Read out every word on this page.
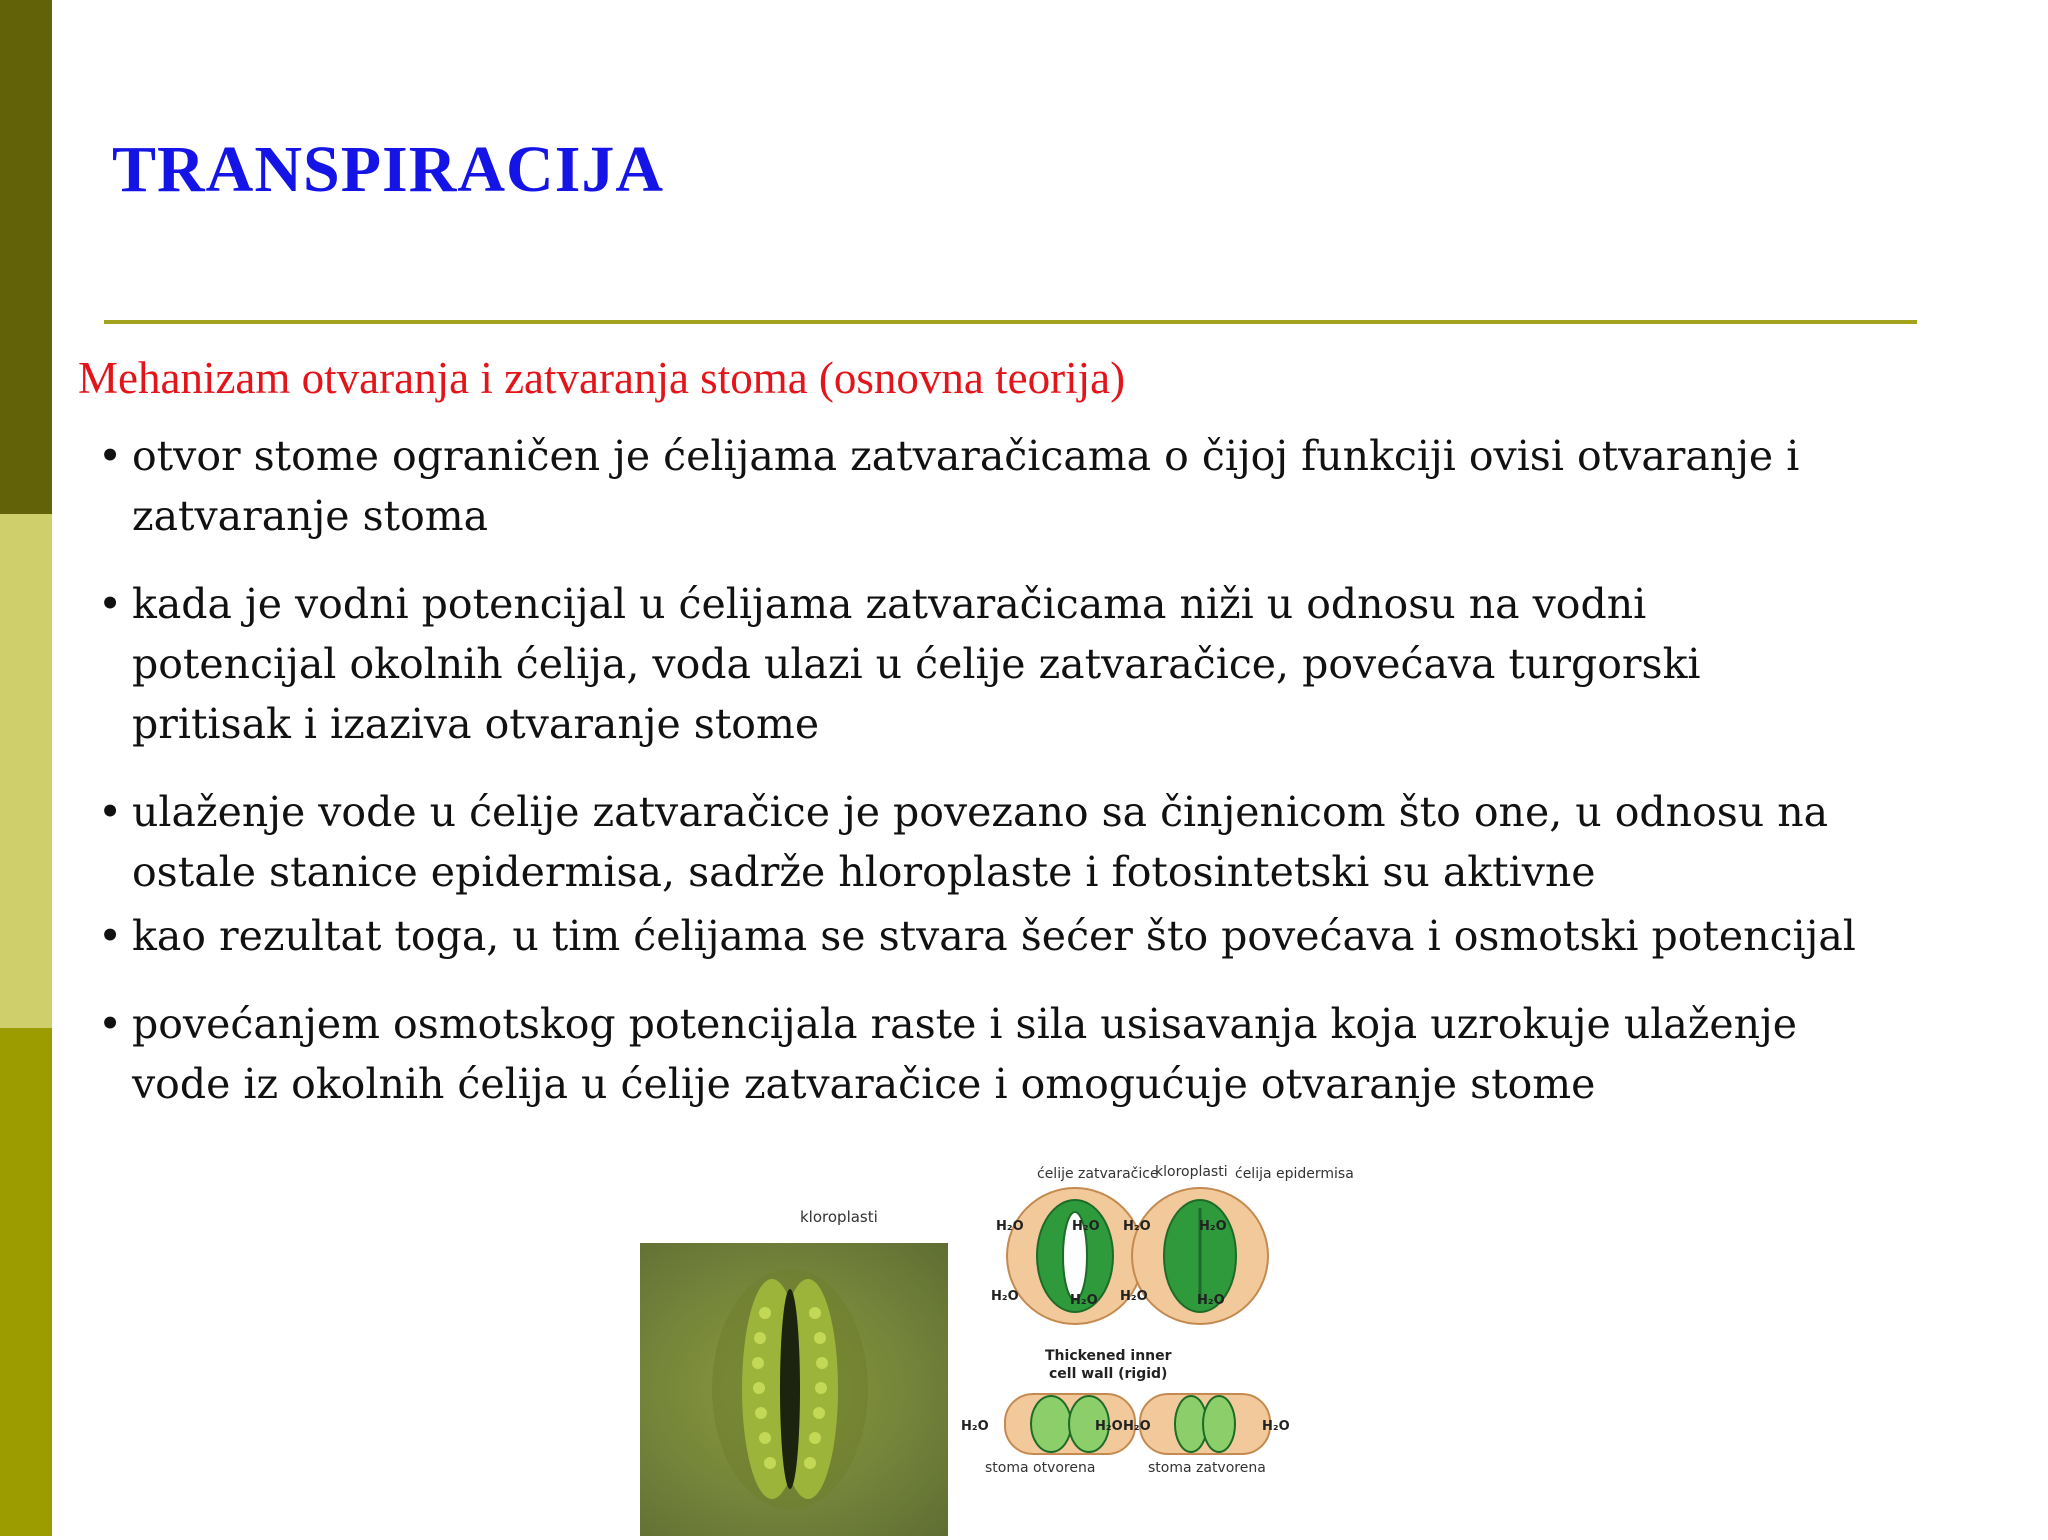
TRANSPIRACIJA
Mehanizam otvaranja i zatvaranja stoma (osnovna teorija)
• otvor stome ograničen je ćelijama zatvaračicama o čijoj funkciji ovisi otvaranje i
zatvaranje stoma
• kada je vodni potencijal u ćelijama zatvaračicama niži u odnosu na vodni
potencijal okolnih ćelija, voda ulazi u ćelije zatvaračice, povećava turgorski
pritisak i izaziva otvaranje stome
• ulaženje vode u ćelije zatvaračice je povezano sa činjenicom što one, u odnosu na
ostale stanice epidermisa, sadrže hloroplaste i fotosintetski su aktivne
• kao rezultat toga, u tim ćelijama se stvara šećer što povećava i osmotski potencijal
• povećanjem osmotskog potencijala raste i sila usisavanja koja uzrokuje ulaženje
vode iz okolnih ćelija u ćelije zatvaračice i omogućuje otvaranje stome
kloroplasti
ćelije zatvaračice
kloroplasti ćelija epidermisa
H₂O	H₂O
H₂O	H₂O
H₂O	H₂O
H₂O	H₂O
Thickened inner
cell wall (rigid)
H₂O	H₂O H₂O	H₂O
stoma otvorena	stoma zatvorena
